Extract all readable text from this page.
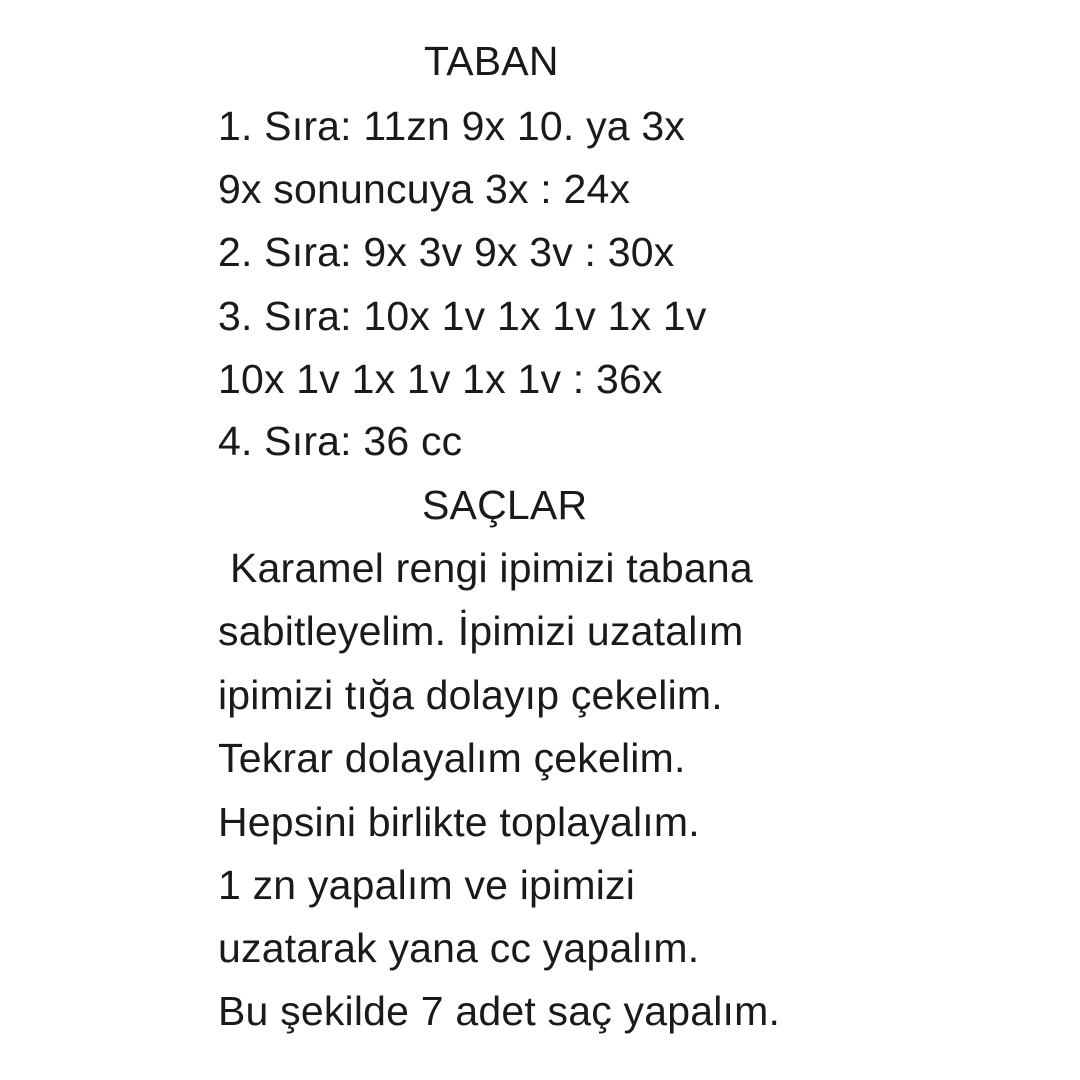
TABAN
1. Sıra: 11zn 9x 10. ya 3x
9x sonuncuya 3x : 24x
2. Sıra: 9x 3v 9x 3v : 30x
3. Sıra: 10x 1v 1x 1v 1x 1v
10x 1v 1x 1v 1x 1v : 36x
4. Sıra: 36 cc
SAÇLAR
Karamel rengi ipimizi tabana
sabitleyelim. İpimizi uzatalım
ipimizi tığa dolayıp çekelim.
Tekrar dolayalım çekelim.
Hepsini birlikte toplayalım.
1 zn yapalım ve ipimizi
uzatarak yana cc yapalım.
Bu şekilde 7 adet saç yapalım.
